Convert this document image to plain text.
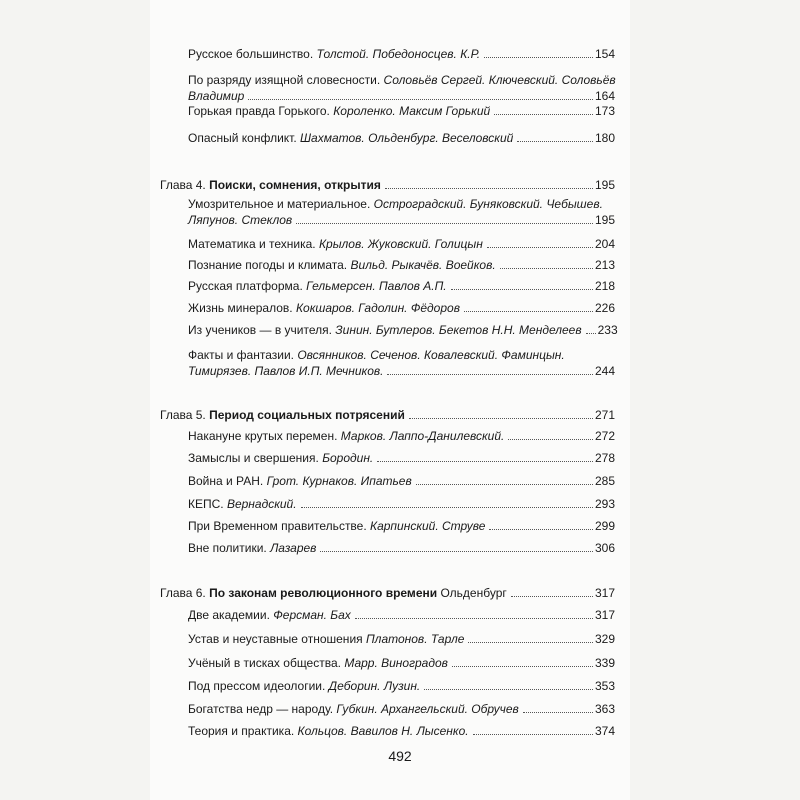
Русское большинство. Толстой. Победоносцев. К.Р.	154
По разряду изящной словесности. Соловьёв Сергей. Ключевский. Соловьёв
Владимир	164
Горькая правда Горького. Короленко. Максим Горький	173
Опасный конфликт. Шахматов. Ольденбург. Веселовский	180
Глава 4. Поиски, сомнения, открытия	195
Умозрительное и материальное. Остроградский. Буняковский. Чебышев.
Ляпунов. Стеклов	195
Математика и техника. Крылов. Жуковский. Голицын	204
Познание погоды и климата. Вильд. Рыкачёв. Воейков.	213
Русская платформа. Гельмерсен. Павлов А.П.	218
Жизнь минералов. Кокшаров. Гадолин. Фёдоров	226
Из учеников — в учителя. Зинин. Бутлеров. Бекетов Н.Н. Менделеев 233
Факты и фантазии. Овсянников. Сеченов. Ковалевский. Фаминцын.
Тимирязев. Павлов И.П. Мечников.	244
Глава 5. Период социальных потрясений	271
Накануне крутых перемен. Марков. Лаппо-Данилевский.	272
Замыслы и свершения. Бородин.	278
Война и РАН. Грот. Курнаков. Ипатьев	285
КЕПС. Вернадский.	293
При Временном правительстве. Карпинский. Струве	299
Вне политики. Лазарев	306
Глава 6. По законам революционного времени Ольденбург	317
Две академии. Ферсман. Бах	317
Устав и неуставные отношения Платонов. Тарле	329
Учёный в тисках общества. Марр. Виноградов	339
Под прессом идеологии. Деборин. Лузин.	353
Богатства недр — народу. Губкин. Архангельский. Обручев	363
Теория и практика. Кольцов. Вавилов Н. Лысенко.	374
492
